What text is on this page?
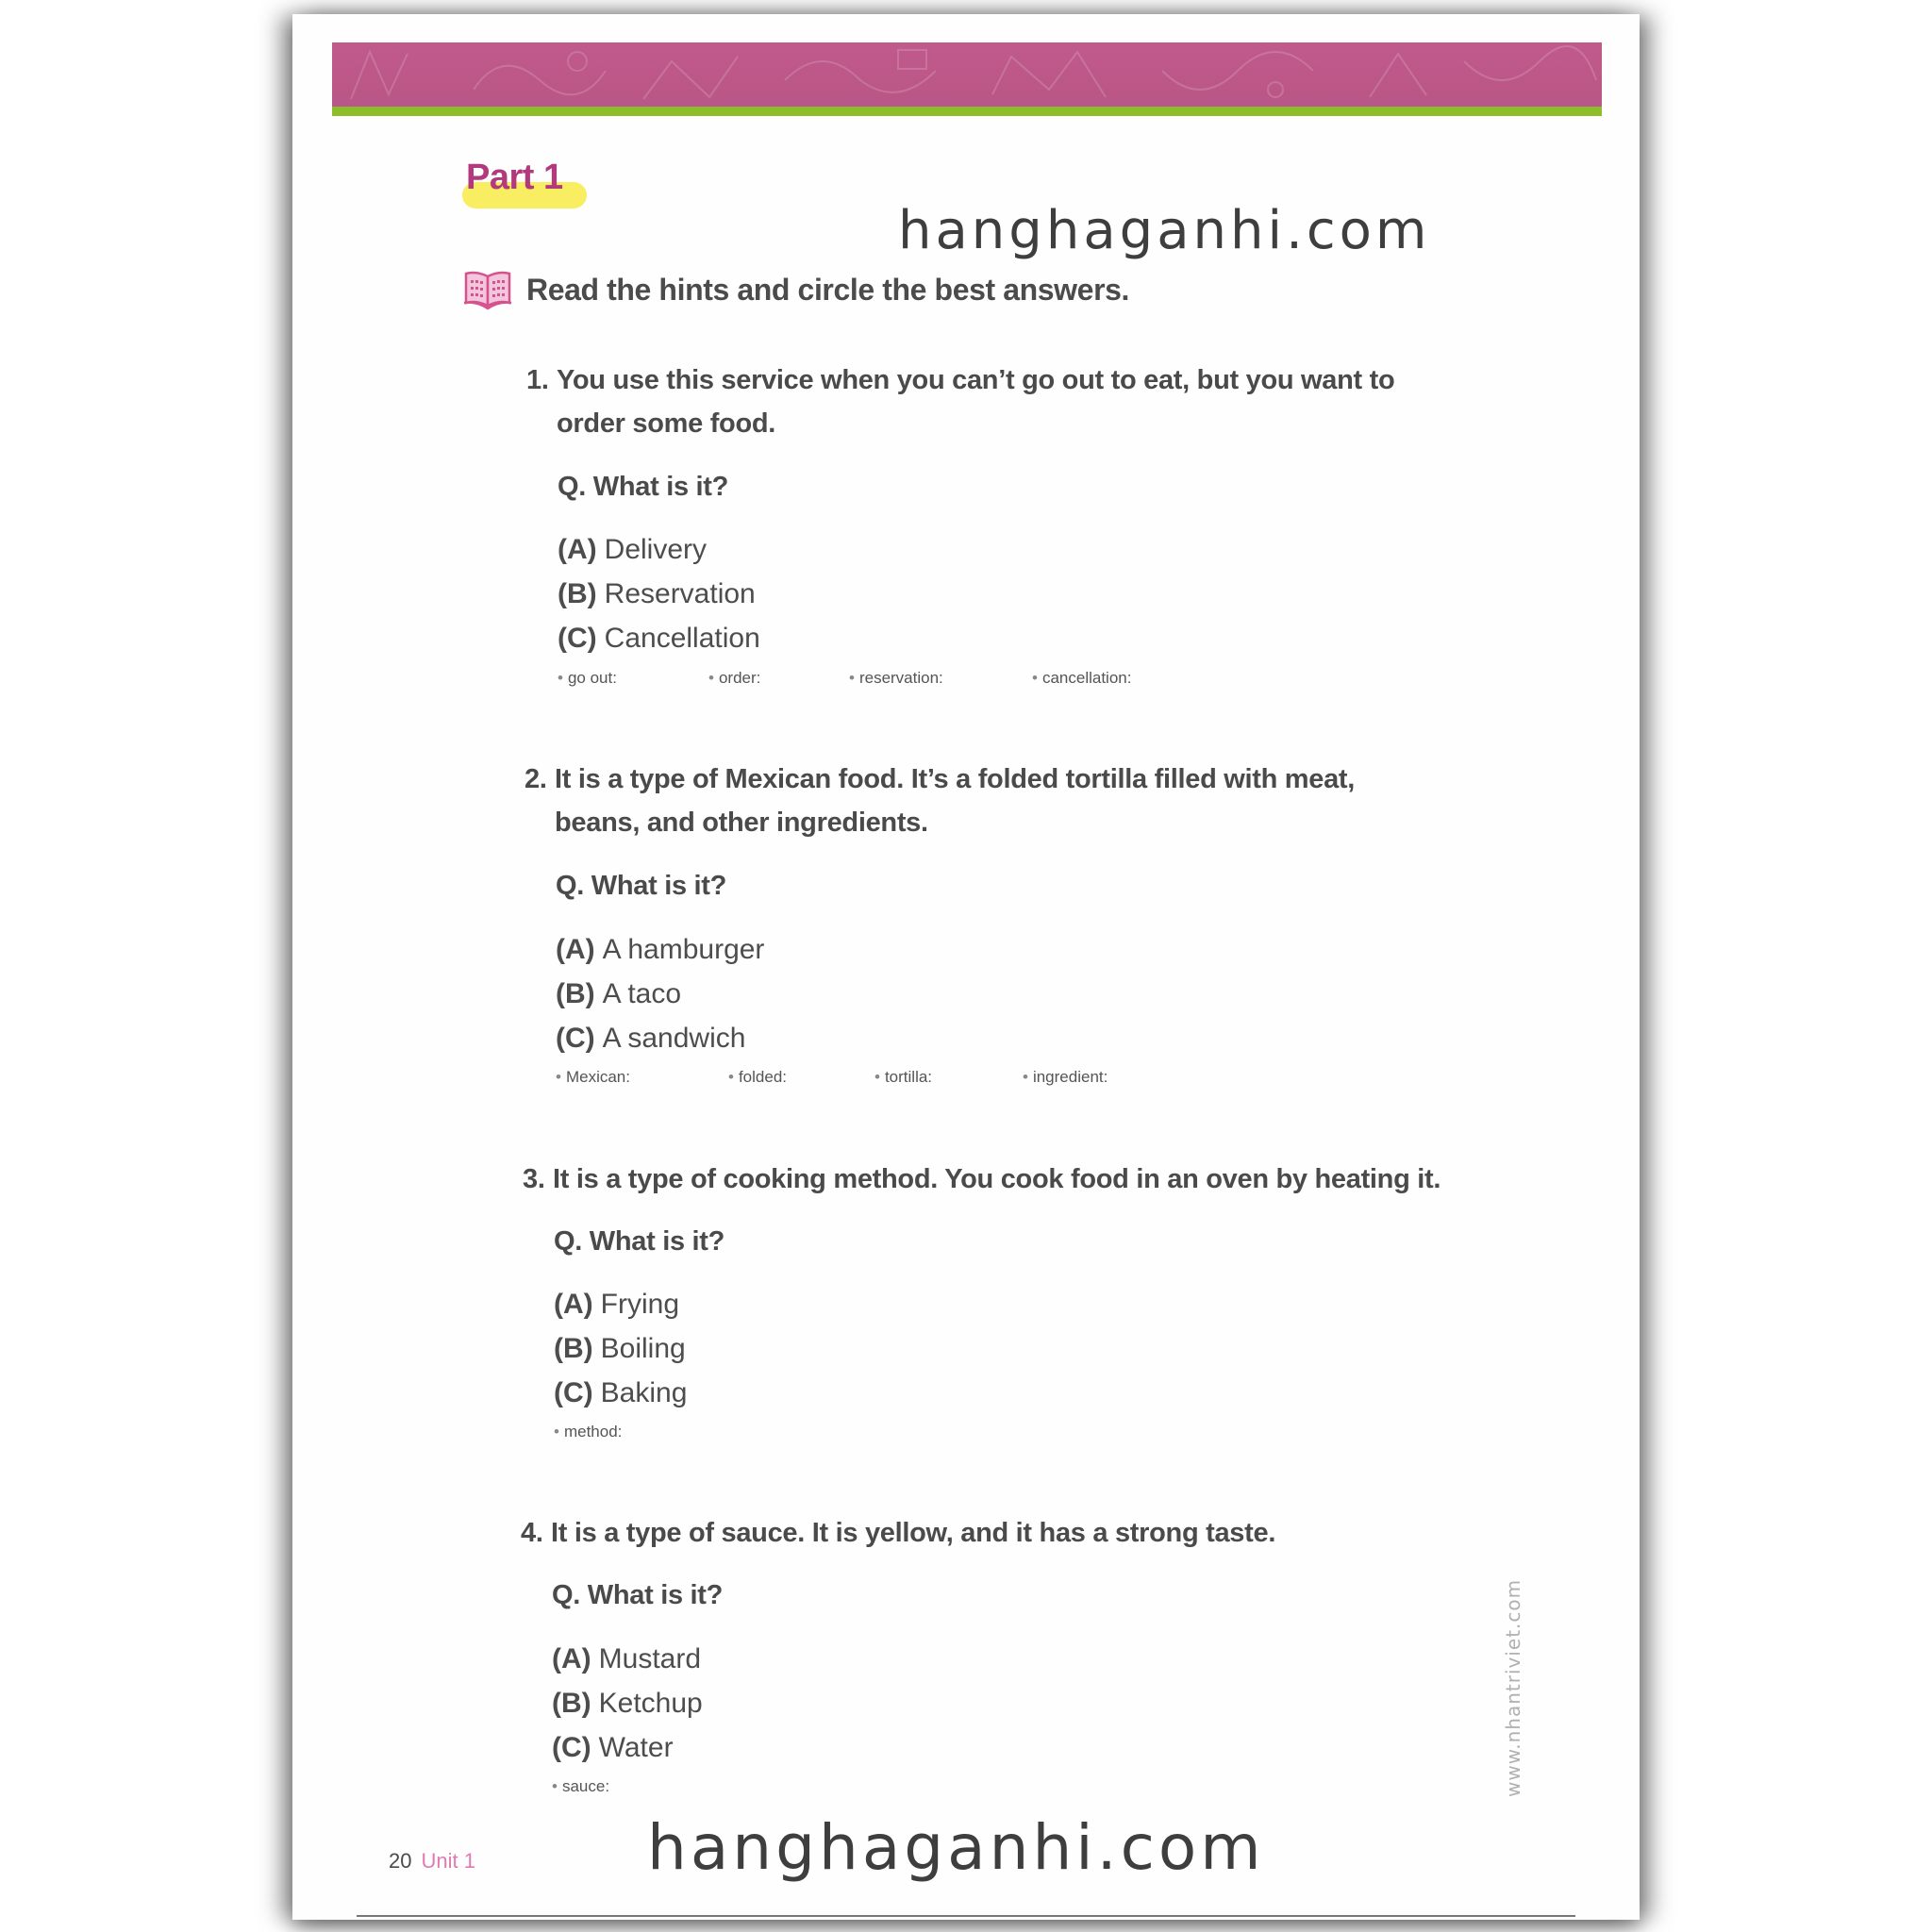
Part 1
Read the hints and circle the best answers.
1. You use this service when you can’t go out to eat, but you want to
order some food.
Q. What is it?
(A) Delivery
(B) Reservation
(C) Cancellation
• go out:	• order:	• reservation:	• cancellation:
2. It is a type of Mexican food. It’s a folded tortilla filled with meat,
beans, and other ingredients.
Q. What is it?
(A) A hamburger
(B) A taco
(C) A sandwich
• Mexican:	• folded:	• tortilla:	• ingredient:
3. It is a type of cooking method. You cook food in an oven by heating it.
Q. What is it?
(A) Frying
(B) Boiling
(C) Baking
• method:
4. It is a type of sauce. It is yellow, and it has a strong taste.
Q. What is it?
(A) Mustard
(B) Ketchup
(C) Water
• sauce:	www.nhantriviet.com
20 Unit 1
hanghaganhi.com
hanghaganhi.com
